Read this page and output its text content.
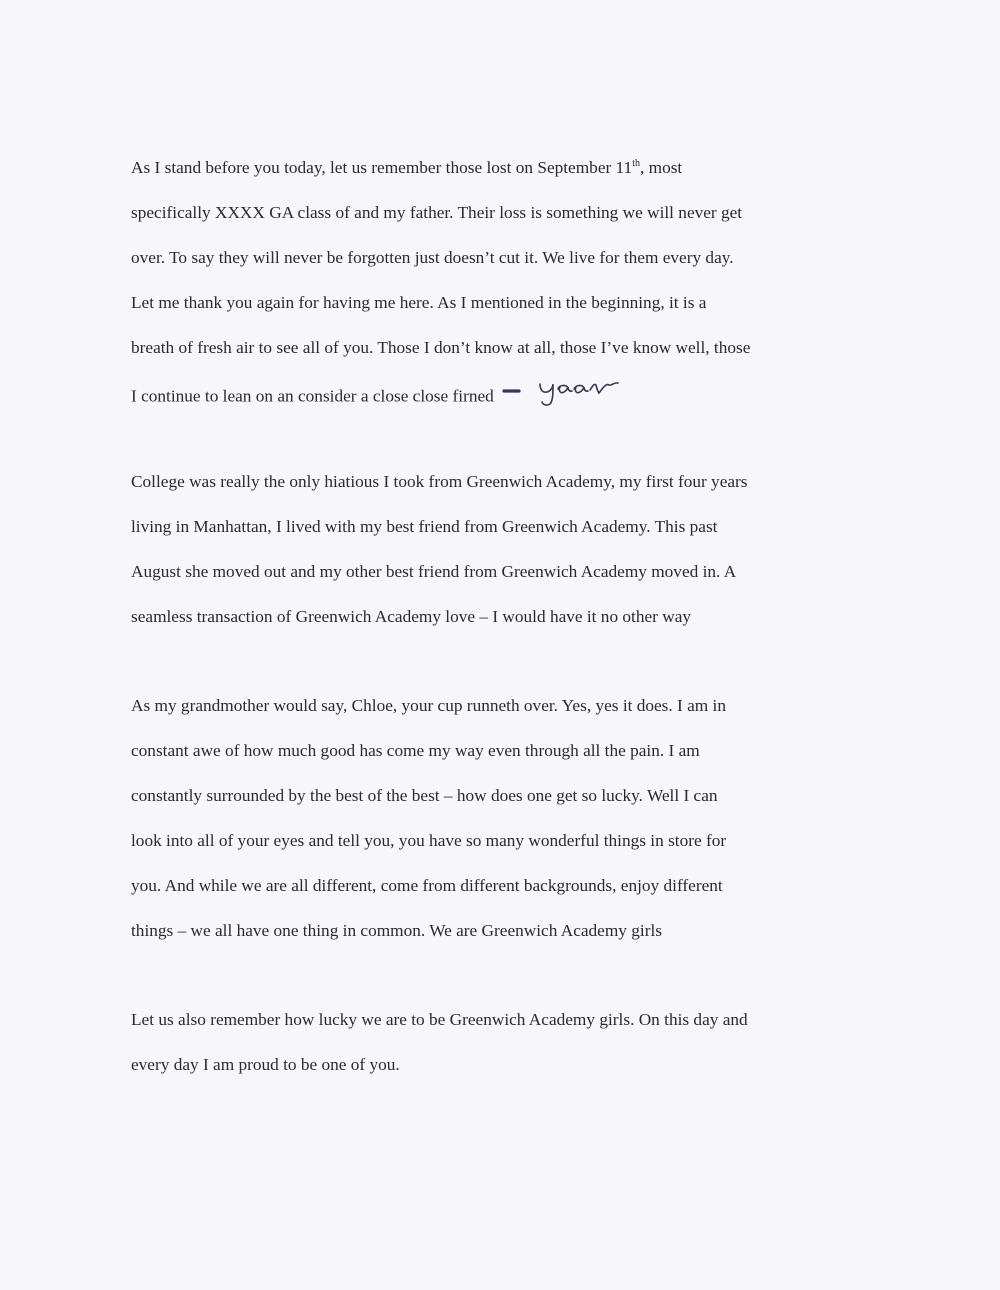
As I stand before you today, let us remember those lost on September 11th, most
specifically XXXX GA class of and my father. Their loss is something we will never get
over. To say they will never be forgotten just doesn’t cut it. We live for them every day.
Let me thank you again for having me here. As I mentioned in the beginning, it is a
breath of fresh air to see all of you. Those I don’t know at all, those I’ve know well, those
I continue to lean on an consider a close close firned
College was really the only hiatious I took from Greenwich Academy, my first four years
living in Manhattan, I lived with my best friend from Greenwich Academy. This past
August she moved out and my other best friend from Greenwich Academy moved in. A
seamless transaction of Greenwich Academy love – I would have it no other way
As my grandmother would say, Chloe, your cup runneth over. Yes, yes it does. I am in
constant awe of how much good has come my way even through all the pain. I am
constantly surrounded by the best of the best – how does one get so lucky. Well I can
look into all of your eyes and tell you, you have so many wonderful things in store for
you. And while we are all different, come from different backgrounds, enjoy different
things – we all have one thing in common. We are Greenwich Academy girls
Let us also remember how lucky we are to be Greenwich Academy girls. On this day and
every day I am proud to be one of you.
